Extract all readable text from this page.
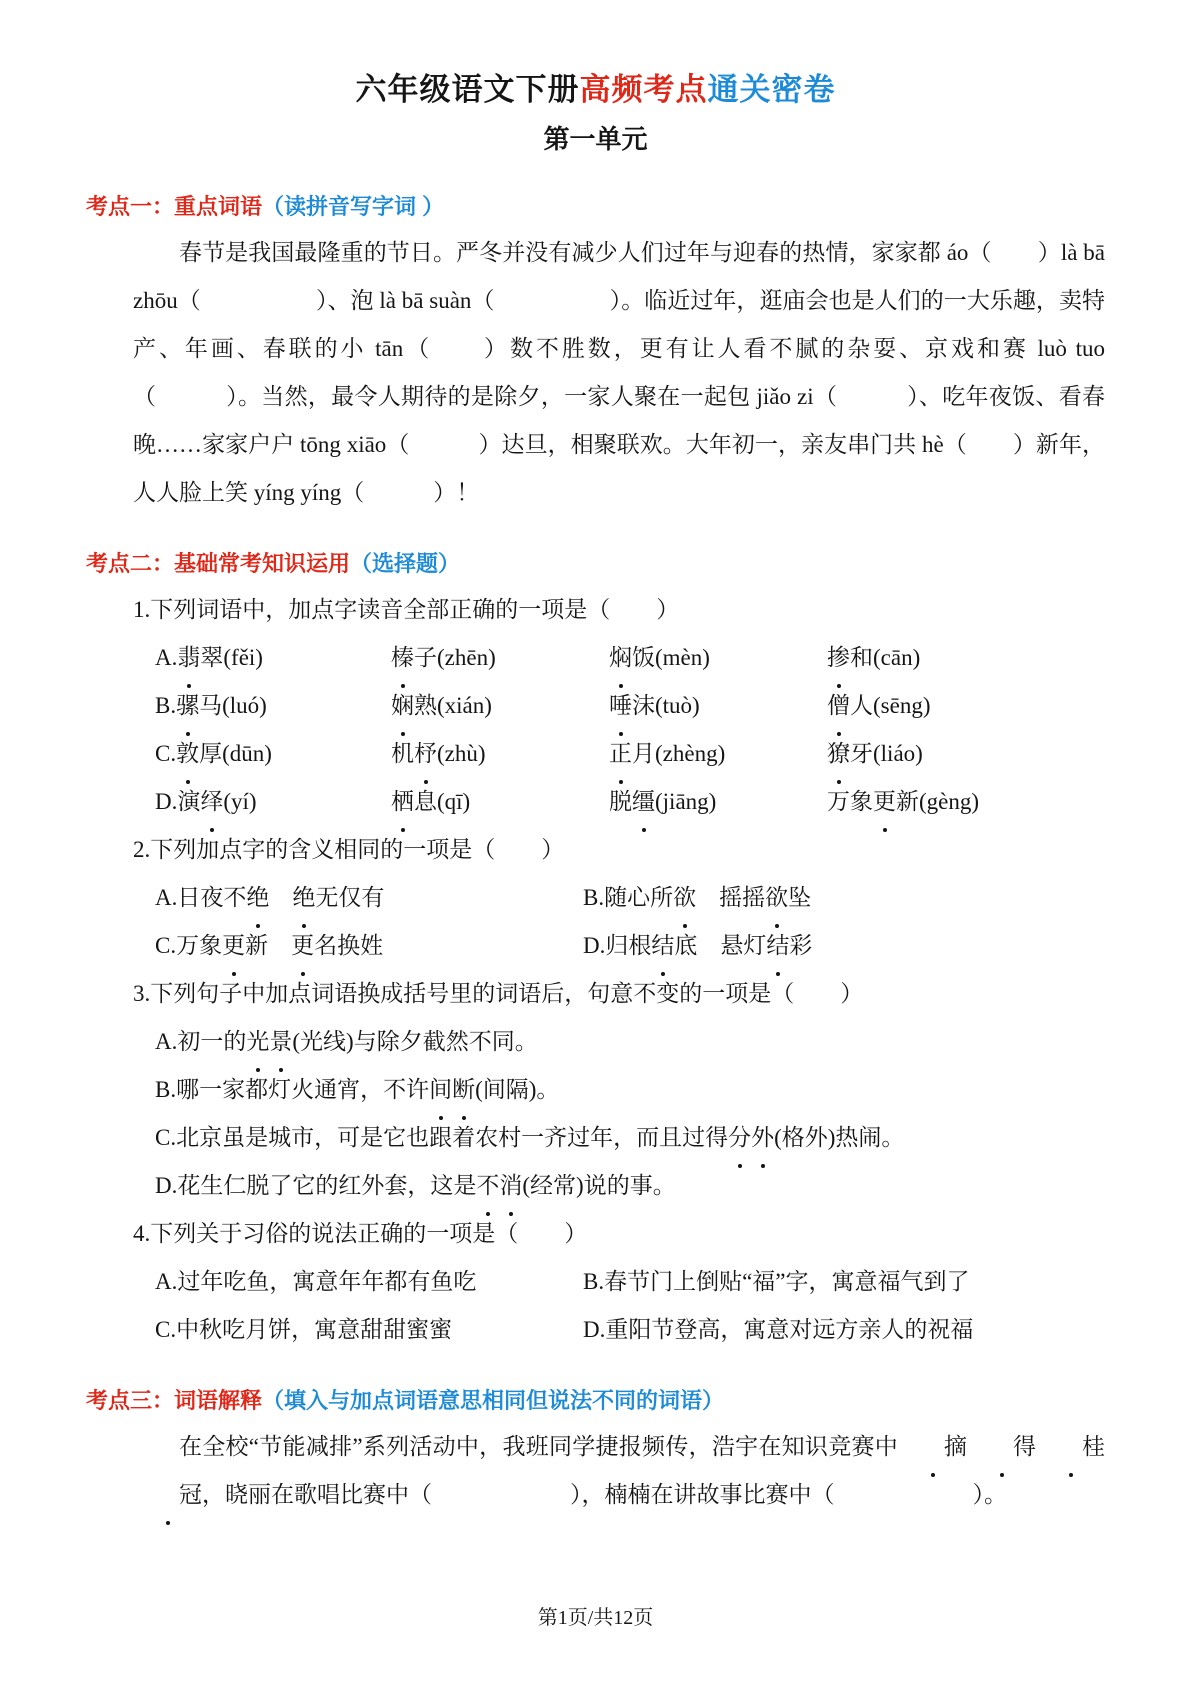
六年级语文下册高频考点通关密卷
第一单元
考点一：重点词语（读拼音写字词 ）

春节是我国最隆重的节日。严冬并没有减少人们过年与迎春的热情，家家都 áo（　　）là bā zhōu（　　　　　）、泡 là bā suàn（　　　　　）。临近过年，逛庙会也是人们的一大乐趣，卖特产、年画、春联的小 tān（　　）数不胜数，更有让人看不腻的杂耍、京戏和赛 luò tuo（　　　）。当然，最令人期待的是除夕，一家人聚在一起包 jiǎo zi（　　　）、吃年夜饭、看春晚……家家户户 tōng xiāo（　　　）达旦，相聚联欢。大年初一，亲友串门共 hè（　　）新年，人人脸上笑 yíng yíng（　　　）！

考点二：基础常考知识运用（选择题）

1.下列词语中，加点字读音全部正确的一项是（　　）

A.翡翠(fěi)	榛子(zhēn)	焖饭(mèn)	掺和(cān)
B.骡马(luó)	娴熟(xián)	唾沫(tuò)	僧人(sēng)
C.敦厚(dūn)	机杼(zhù)	正月(zhèng)	獠牙(liáo)
D.演绎(yí)	栖息(qī)	脱缰(jiāng)	万象更新(gèng)

2.下列加点字的含义相同的一项是（　　）

A.日夜不绝　 绝无仅有	B.随心所欲　摇摇欲坠
C.万象更新　更名换姓	D.归根结底　悬灯结彩

3.下列句子中加点词语换成括号里的词语后，句意不变的一项是（　　）

A.初一的光景(光线)与除夕截然不同。
B.哪一家都灯火通宵，不许间断(间隔)。
C.北京虽是城市，可是它也跟着农村一齐过年，而且过得分外(格外)热闹。
D.花生仁脱了它的红外套，这是不消(经常)说的事。

4.下列关于习俗的说法正确的一项是（　　）

A.过年吃鱼，寓意年年都有鱼吃	B.春节门上倒贴“福”字，寓意福气到了
C.中秋吃月饼，寓意甜甜蜜蜜	D.重阳节登高，寓意对远方亲人的祝福
考点三：词语解释（填入与加点词语意思相同但说法不同的词语）

在全校“节能减排”系列活动中，我班同学捷报频传，浩宇在知识竞赛中 摘 得 桂冠，晓丽在歌唱比赛中（　　　　　　），楠楠在讲故事比赛中（　　　　　　）。

第1页/共12页
